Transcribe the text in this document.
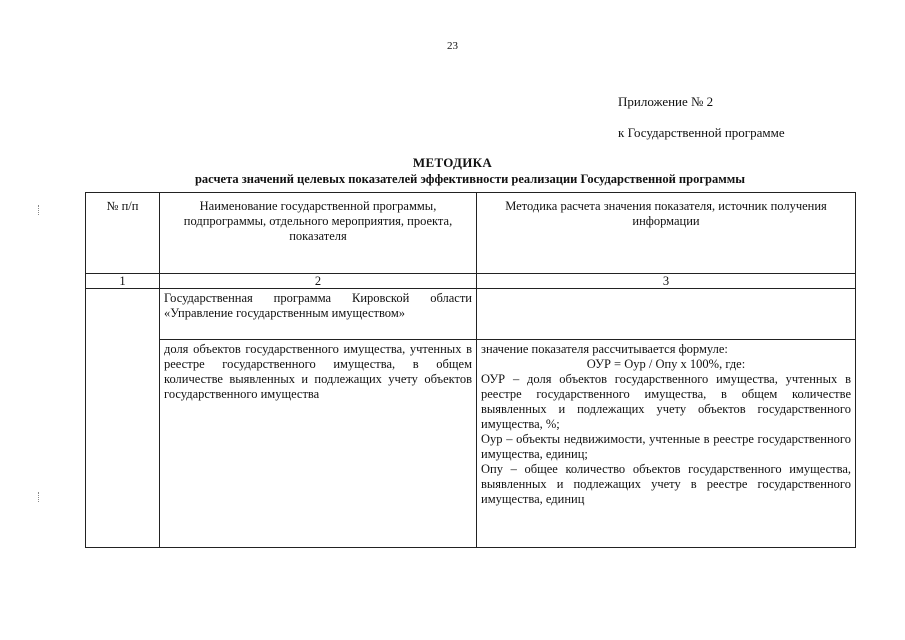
23
Приложение № 2
к Государственной программе
МЕТОДИКА
расчета значений целевых показателей эффективности реализации Государственной программы
№ п/п	Наименование государственной программы, подпрограммы, отдельного мероприятия, проекта, показателя	Методика расчета значения показателя, источник получения информации
1	2	3
	Государственная программа Кировской области «Управление государственным имуществом»	
	доля объектов государственного имущества, учтенных в реестре государственного имущества, в общем количестве выявленных и подлежащих учету объектов государственного имущества	значение показателя рассчитывается формуле:

ОУР = Оур / Опу x 100%, где:

ОУР – доля объектов государственного имущества, учтенных в реестре государственного имущества, в общем количестве выявленных и подлежащих учету объектов государственного имущества, %;

Оур – объекты недвижимости, учтенные в реестре государственного имущества, единиц;

Опу – общее количество объектов государственного имущества, выявленных и подлежащих учету в реестре государственного имущества, единиц
